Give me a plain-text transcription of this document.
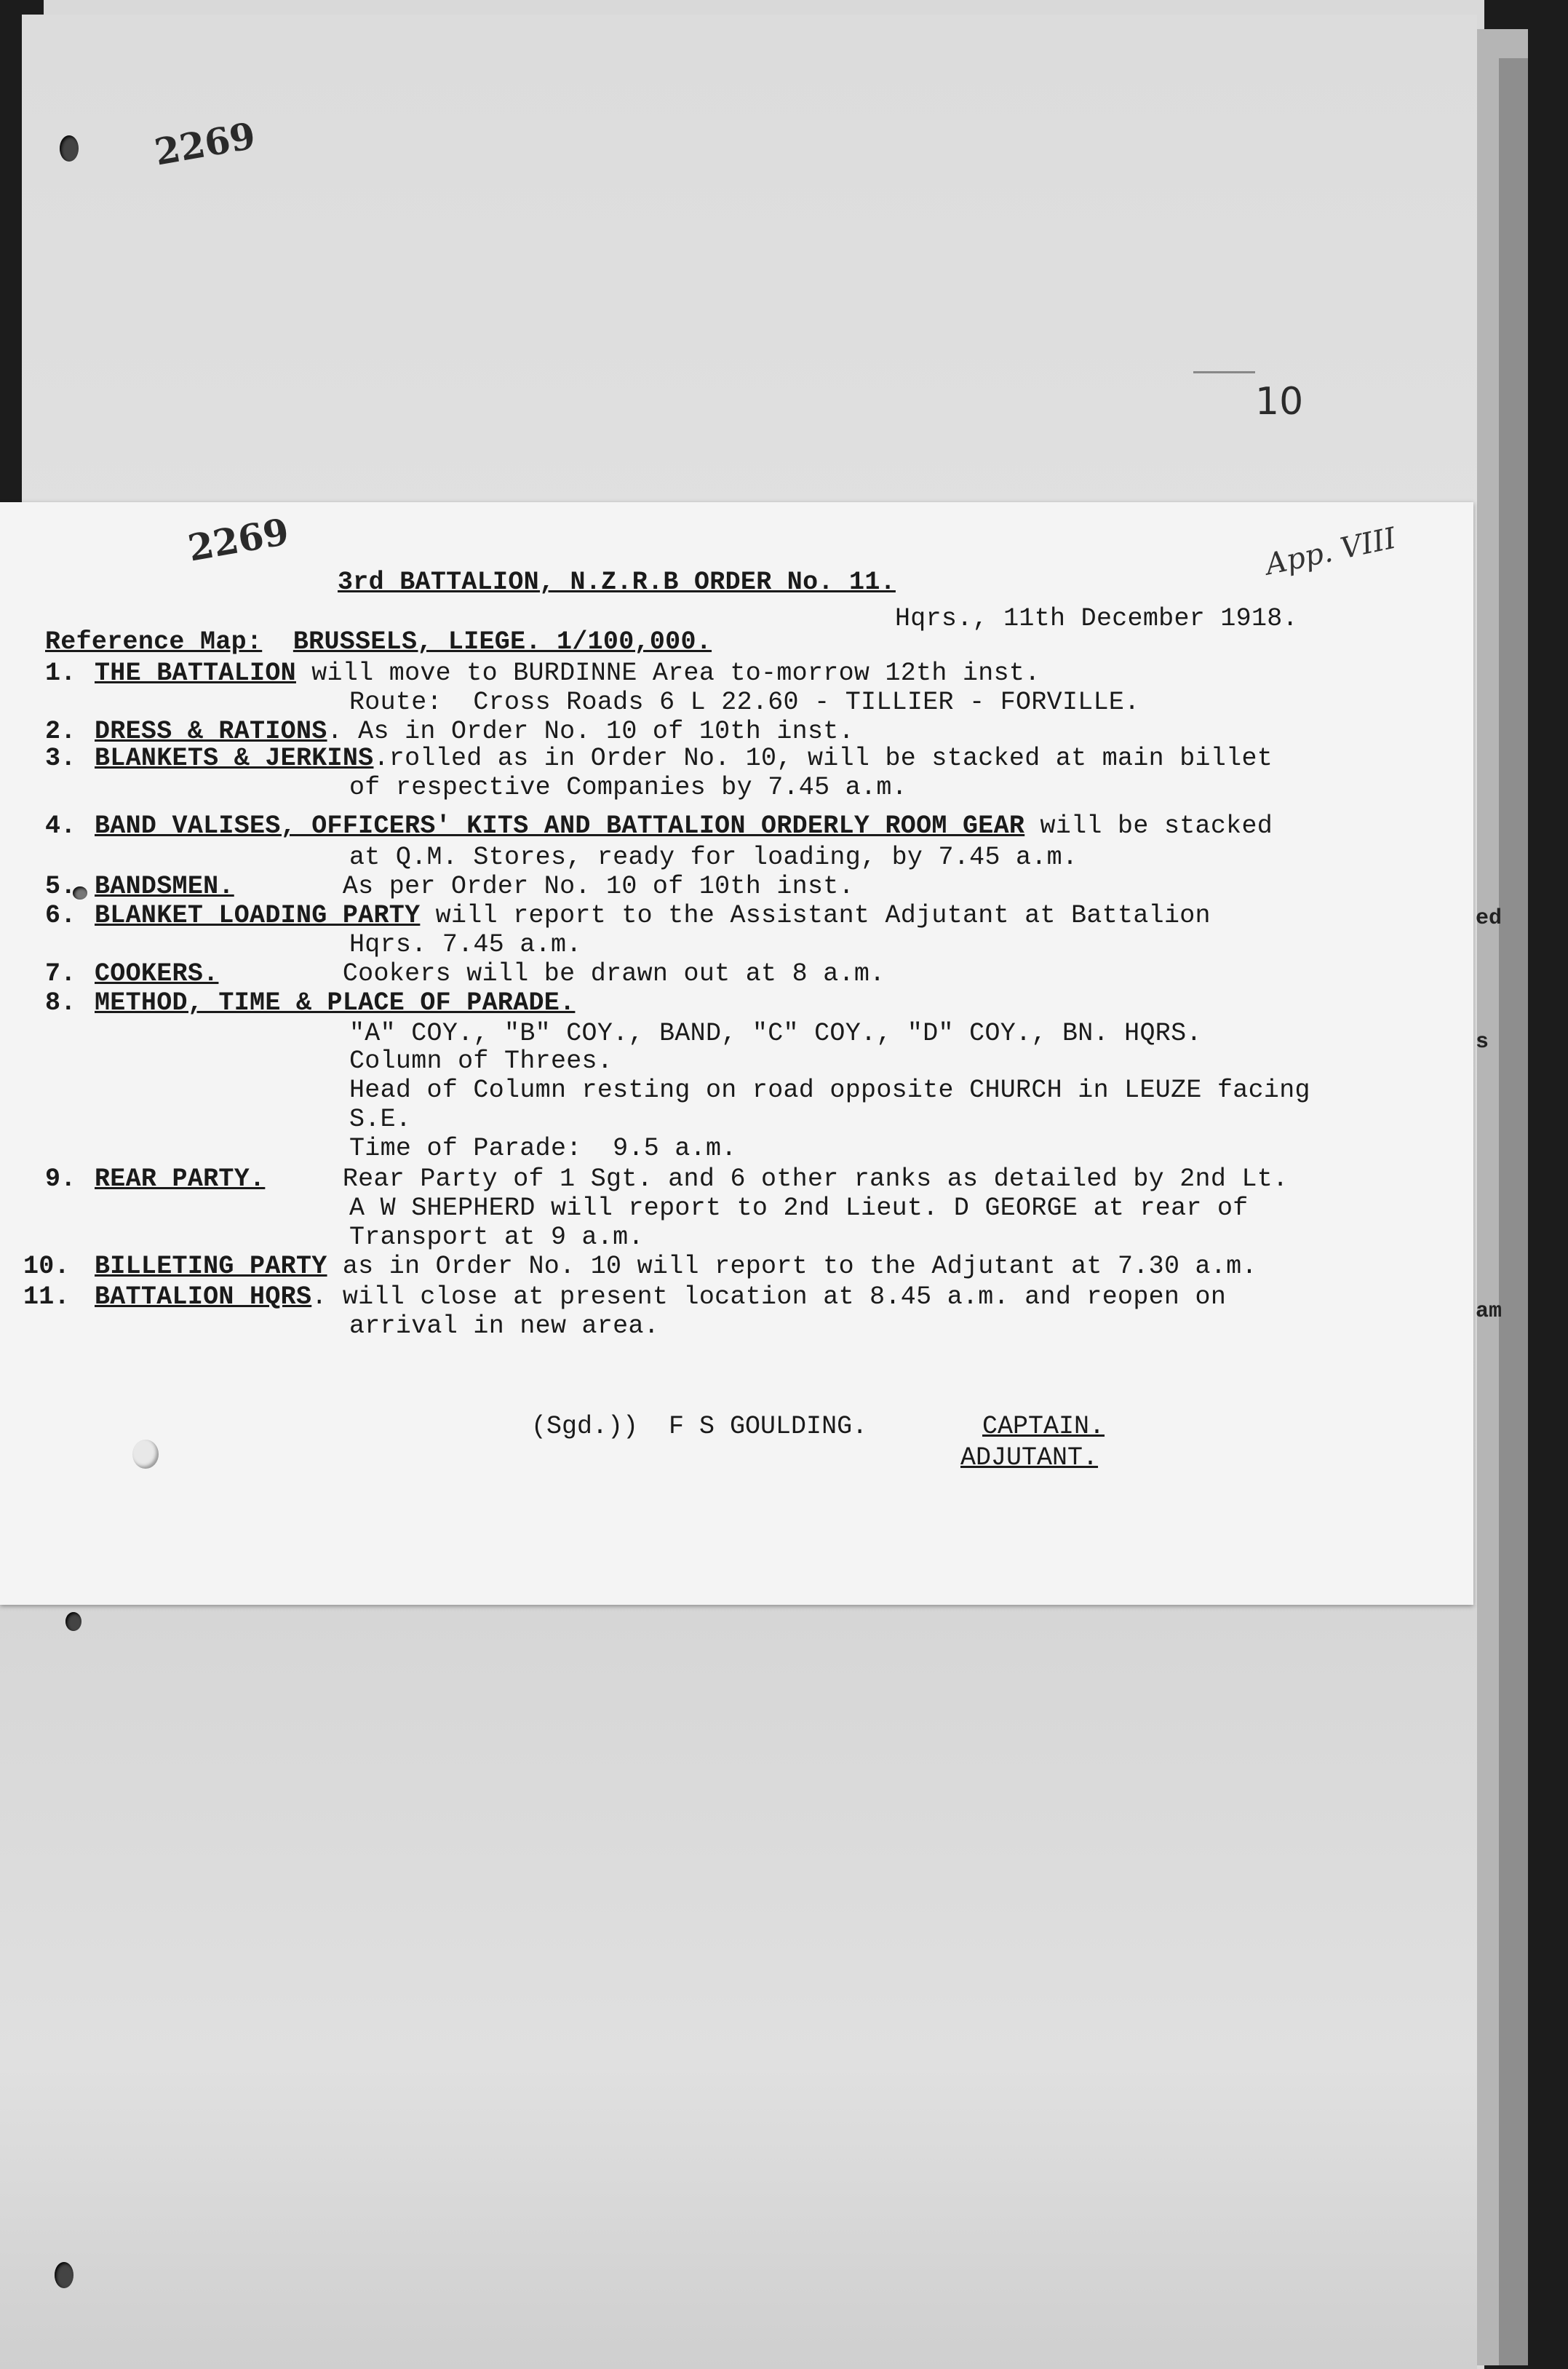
2269
10
ed
s
am
2269	App. VIII
3rd BATTALION, N.Z.R.B ORDER No. 11.
Hqrs., 11th December 1918.
Reference Map: BRUSSELS, LIEGE. 1/100,000.
1. THE BATTALION will move to BURDINNE Area to-morrow 12th inst.
Route:  Cross Roads 6 L 22.60 - TILLIER - FORVILLE.
2. DRESS & RATIONS. As in Order No. 10 of 10th inst.
3. BLANKETS & JERKINS.rolled as in Order No. 10, will be stacked at main billet
of respective Companies by 7.45 a.m.
4. BAND VALISES, OFFICERS' KITS AND BATTALION ORDERLY ROOM GEAR will be stacked
at Q.M. Stores, ready for loading, by 7.45 a.m.
5. BANDSMEN.       As per Order No. 10 of 10th inst.
6. BLANKET LOADING PARTY will report to the Assistant Adjutant at Battalion
Hqrs. 7.45 a.m.
7. COOKERS.        Cookers will be drawn out at 8 a.m.
8. METHOD, TIME & PLACE OF PARADE.
"A" COY., "B" COY., BAND, "C" COY., "D" COY., BN. HQRS.
Column of Threes.
Head of Column resting on road opposite CHURCH in LEUZE facing
S.E.
Time of Parade:  9.5 a.m.
9. REAR PARTY.     Rear Party of 1 Sgt. and 6 other ranks as detailed by 2nd Lt.
A W SHEPHERD will report to 2nd Lieut. D GEORGE at rear of
Transport at 9 a.m.
10. BILLETING PARTY as in Order No. 10 will report to the Adjutant at 7.30 a.m.
11. BATTALION HQRS. will close at present location at 8.45 a.m. and reopen on
arrival in new area.
(Sgd.))  F S GOULDING.	CAPTAIN.
ADJUTANT.
